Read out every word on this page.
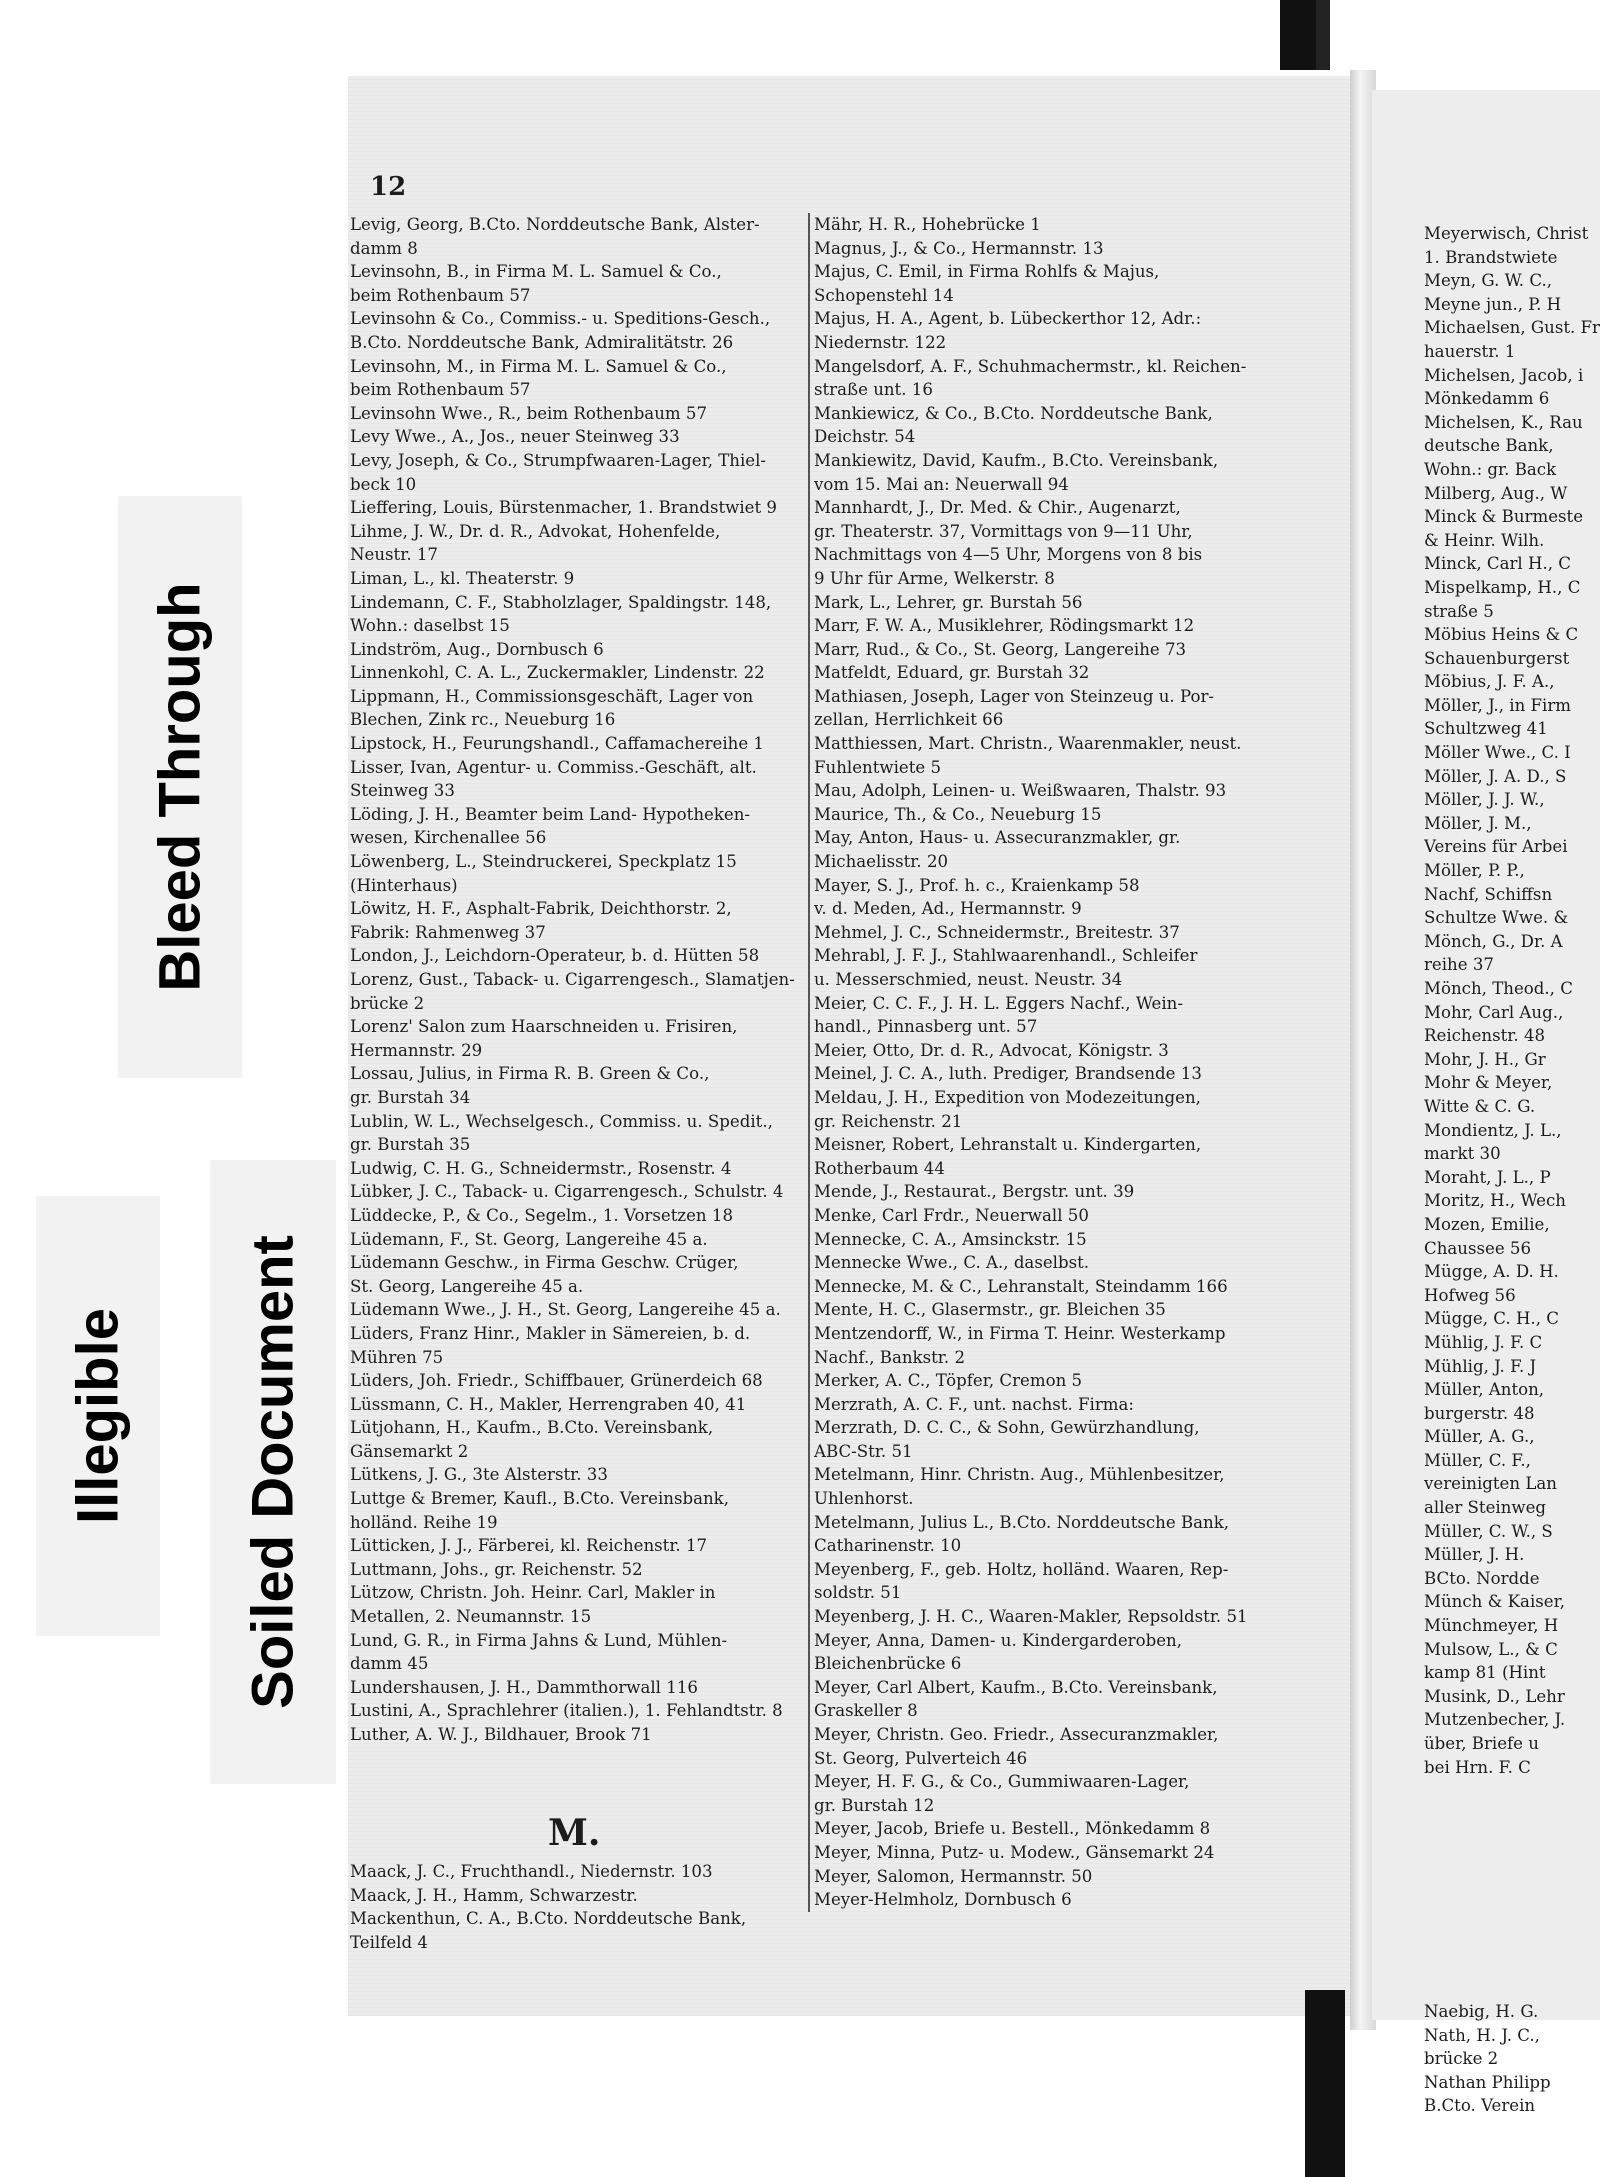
Bleed Through
Soiled Document
Illegible
12
Levig, Georg, B.Cto. Norddeutsche Bank, Alster-
damm 8
Levinsohn, B., in Firma M. L. Samuel & Co.,
beim Rothenbaum 57
Levinsohn & Co., Commiss.- u. Speditions-Gesch.,
B.Cto. Norddeutsche Bank, Admiralitätstr. 26
Levinsohn, M., in Firma M. L. Samuel & Co.,
beim Rothenbaum 57
Levinsohn Wwe., R., beim Rothenbaum 57
Levy Wwe., A., Jos., neuer Steinweg 33
Levy, Joseph, & Co., Strumpfwaaren-Lager, Thiel-
beck 10
Lieffering, Louis, Bürstenmacher, 1. Brandstwiet 9
Lihme, J. W., Dr. d. R., Advokat, Hohenfelde,
Neustr. 17
Liman, L., kl. Theaterstr. 9
Lindemann, C. F., Stabholzlager, Spaldingstr. 148,
Wohn.: daselbst 15
Lindström, Aug., Dornbusch 6
Linnenkohl, C. A. L., Zuckermakler, Lindenstr. 22
Lippmann, H., Commissionsgeschäft, Lager von
Blechen, Zink rc., Neueburg 16
Lipstock, H., Feurungshandl., Caffamachereihe 1
Lisser, Ivan, Agentur- u. Commiss.-Geschäft, alt.
Steinweg 33
Löding, J. H., Beamter beim Land- Hypotheken-
wesen, Kirchenallee 56
Löwenberg, L., Steindruckerei, Speckplatz 15
(Hinterhaus)
Löwitz, H. F., Asphalt-Fabrik, Deichthorstr. 2,
Fabrik: Rahmenweg 37
London, J., Leichdorn-Operateur, b. d. Hütten 58
Lorenz, Gust., Taback- u. Cigarrengesch., Slamatjen-
brücke 2
Lorenz' Salon zum Haarschneiden u. Frisiren,
Hermannstr. 29
Lossau, Julius, in Firma R. B. Green & Co.,
gr. Burstah 34
Lublin, W. L., Wechselgesch., Commiss. u. Spedit.,
gr. Burstah 35
Ludwig, C. H. G., Schneidermstr., Rosenstr. 4
Lübker, J. C., Taback- u. Cigarrengesch., Schulstr. 4
Lüddecke, P., & Co., Segelm., 1. Vorsetzen 18
Lüdemann, F., St. Georg, Langereihe 45 a.
Lüdemann Geschw., in Firma Geschw. Crüger,
St. Georg, Langereihe 45 a.
Lüdemann Wwe., J. H., St. Georg, Langereihe 45 a.
Lüders, Franz Hinr., Makler in Sämereien, b. d.
Mühren 75
Lüders, Joh. Friedr., Schiffbauer, Grünerdeich 68
Lüssmann, C. H., Makler, Herrengraben 40, 41
Lütjohann, H., Kaufm., B.Cto. Vereinsbank,
Gänsemarkt 2
Lütkens, J. G., 3te Alsterstr. 33
Luttge & Bremer, Kaufl., B.Cto. Vereinsbank,
holländ. Reihe 19
Lütticken, J. J., Färberei, kl. Reichenstr. 17
Luttmann, Johs., gr. Reichenstr. 52
Lützow, Christn. Joh. Heinr. Carl, Makler in
Metallen, 2. Neumannstr. 15
Lund, G. R., in Firma Jahns & Lund, Mühlen-
damm 45
Lundershausen, J. H., Dammthorwall 116
Lustini, A., Sprachlehrer (italien.), 1. Fehlandtstr. 8
Luther, A. W. J., Bildhauer, Brook 71
M.
Maack, J. C., Fruchthandl., Niedernstr. 103
Maack, J. H., Hamm, Schwarzestr.
Mackenthun, C. A., B.Cto. Norddeutsche Bank,
Teilfeld 4
Mähr, H. R., Hohebrücke 1
Magnus, J., & Co., Hermannstr. 13
Majus, C. Emil, in Firma Rohlfs & Majus,
Schopenstehl 14
Majus, H. A., Agent, b. Lübeckerthor 12, Adr.:
Niedernstr. 122
Mangelsdorf, A. F., Schuhmachermstr., kl. Reichen-
straße unt. 16
Mankiewicz, & Co., B.Cto. Norddeutsche Bank,
Deichstr. 54
Mankiewitz, David, Kaufm., B.Cto. Vereinsbank,
vom 15. Mai an: Neuerwall 94
Mannhardt, J., Dr. Med. & Chir., Augenarzt,
gr. Theaterstr. 37, Vormittags von 9—11 Uhr,
Nachmittags von 4—5 Uhr, Morgens von 8 bis
9 Uhr für Arme, Welkerstr. 8
Mark, L., Lehrer, gr. Burstah 56
Marr, F. W. A., Musiklehrer, Rödingsmarkt 12
Marr, Rud., & Co., St. Georg, Langereihe 73
Matfeldt, Eduard, gr. Burstah 32
Mathiasen, Joseph, Lager von Steinzeug u. Por-
zellan, Herrlichkeit 66
Matthiessen, Mart. Christn., Waarenmakler, neust.
Fuhlentwiete 5
Mau, Adolph, Leinen- u. Weißwaaren, Thalstr. 93
Maurice, Th., & Co., Neueburg 15
May, Anton, Haus- u. Assecuranzmakler, gr.
Michaelisstr. 20
Mayer, S. J., Prof. h. c., Kraienkamp 58
v. d. Meden, Ad., Hermannstr. 9
Mehmel, J. C., Schneidermstr., Breitestr. 37
Mehrabl, J. F. J., Stahlwaarenhandl., Schleifer
u. Messerschmied, neust. Neustr. 34
Meier, C. C. F., J. H. L. Eggers Nachf., Wein-
handl., Pinnasberg unt. 57
Meier, Otto, Dr. d. R., Advocat, Königstr. 3
Meinel, J. C. A., luth. Prediger, Brandsende 13
Meldau, J. H., Expedition von Modezeitungen,
gr. Reichenstr. 21
Meisner, Robert, Lehranstalt u. Kindergarten,
Rotherbaum 44
Mende, J., Restaurat., Bergstr. unt. 39
Menke, Carl Frdr., Neuerwall 50
Mennecke, C. A., Amsinckstr. 15
Mennecke Wwe., C. A., daselbst.
Mennecke, M. & C., Lehranstalt, Steindamm 166
Mente, H. C., Glasermstr., gr. Bleichen 35
Mentzendorff, W., in Firma T. Heinr. Westerkamp
Nachf., Bankstr. 2
Merker, A. C., Töpfer, Cremon 5
Merzrath, A. C. F., unt. nachst. Firma:
Merzrath, D. C. C., & Sohn, Gewürzhandlung,
ABC-Str. 51
Metelmann, Hinr. Christn. Aug., Mühlenbesitzer,
Uhlenhorst.
Metelmann, Julius L., B.Cto. Norddeutsche Bank,
Catharinenstr. 10
Meyenberg, F., geb. Holtz, holländ. Waaren, Rep-
soldstr. 51
Meyenberg, J. H. C., Waaren-Makler, Repsoldstr. 51
Meyer, Anna, Damen- u. Kindergarderoben,
Bleichenbrücke 6
Meyer, Carl Albert, Kaufm., B.Cto. Vereinsbank,
Graskeller 8
Meyer, Christn. Geo. Friedr., Assecuranzmakler,
St. Georg, Pulverteich 46
Meyer, H. F. G., & Co., Gummiwaaren-Lager,
gr. Burstah 12
Meyer, Jacob, Briefe u. Bestell., Mönkedamm 8
Meyer, Minna, Putz- u. Modew., Gänsemarkt 24
Meyer, Salomon, Hermannstr. 50
Meyer-Helmholz, Dornbusch 6
Meyerwisch, Christ
1. Brandstwiete
Meyn, G. W. C.,
Meyne jun., P. H
Michaelsen, Gust. Fr
hauerstr. 1
Michelsen, Jacob, i
Mönkedamm 6
Michelsen, K., Rau
deutsche Bank,
Wohn.: gr. Back
Milberg, Aug., W
Minck & Burmeste
& Heinr. Wilh.
Minck, Carl H., C
Mispelkamp, H., C
straße 5
Möbius Heins & C
Schauenburgerst
Möbius, J. F. A.,
Möller, J., in Firm
Schultzweg 41
Möller Wwe., C. I
Möller, J. A. D., S
Möller, J. J. W.,
Möller, J. M.,
Vereins für Arbei
Möller, P. P.,
Nachf, Schiffsn
Schultze Wwe. &
Mönch, G., Dr. A
reihe 37
Mönch, Theod., C
Mohr, Carl Aug.,
Reichenstr. 48
Mohr, J. H., Gr
Mohr & Meyer,
Witte & C. G.
Mondientz, J. L.,
markt 30
Moraht, J. L., P
Moritz, H., Wech
Mozen, Emilie,
Chaussee 56
Mügge, A. D. H.
Hofweg 56
Mügge, C. H., C
Mühlig, J. F. C
Mühlig, J. F. J
Müller, Anton,
burgerstr. 48
Müller, A. G.,
Müller, C. F.,
vereinigten Lan
aller Steinweg
Müller, C. W., S
Müller, J. H.
BCto. Nordde
Münch & Kaiser,
Münchmeyer, H
Mulsow, L., & C
kamp 81 (Hint
Musink, D., Lehr
Mutzenbecher, J.
über, Briefe u
bei Hrn. F. C
Naebig, H. G.
Nath, H. J. C.,
brücke 2
Nathan Philipp
B.Cto. Verein
